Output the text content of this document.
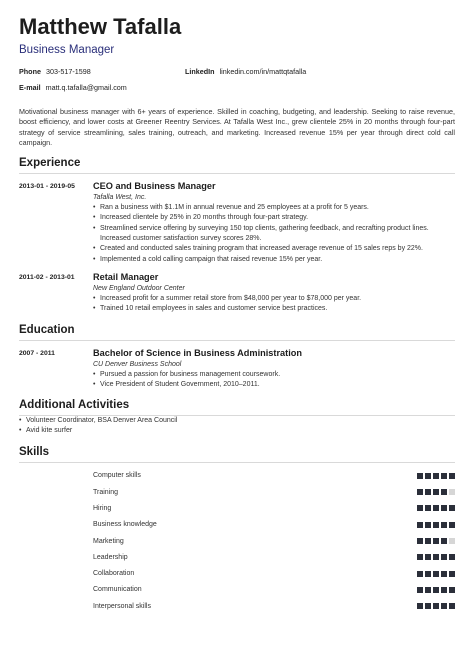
Matthew Tafalla
Business Manager
Phone 303-517-1598	LinkedIn linkedin.com/in/mattqtafalla
E-mail matt.q.tafalla@gmail.com
Motivational business manager with 6+ years of experience. Skilled in coaching, budgeting, and leadership. Seeking to raise revenue, boost efficiency, and lower costs at Greener Reentry Services. At Tafalla West Inc., grew clientele 25% in 20 months through four-part strategy of service streamlining, sales training, outreach, and marketing. Increased revenue 15% per year through direct cold call campaign.
Experience
2013-01 - 2019-05	CEO and Business Manager
Tafalla West, Inc.
• Ran a business with $1.1M in annual revenue and 25 employees at a profit for 5 years.
• Increased clientele by 25% in 20 months through four-part strategy.
• Streamlined service offering by surveying 150 top clients, gathering feedback, and recrafting product lines. Increased customer satisfaction survey scores 28%.
• Created and conducted sales training program that increased average revenue of 15 sales reps by 22%.
• Implemented a cold calling campaign that raised revenue 15% per year.
2011-02 - 2013-01	Retail Manager
New England Outdoor Center
• Increased profit for a summer retail store from $48,000 per year to $78,000 per year.
• Trained 10 retail employees in sales and customer service best practices.
Education
2007 - 2011	Bachelor of Science in Business Administration
CU Denver Business School
• Pursued a passion for business management coursework.
• Vice President of Student Government, 2010–2011.
Additional Activities
• Volunteer Coordinator, BSA Denver Area Council
• Avid kite surfer
Skills
Computer skills
Training
Hiring
Business knowledge
Marketing
Leadership
Collaboration
Communication
Interpersonal skills
